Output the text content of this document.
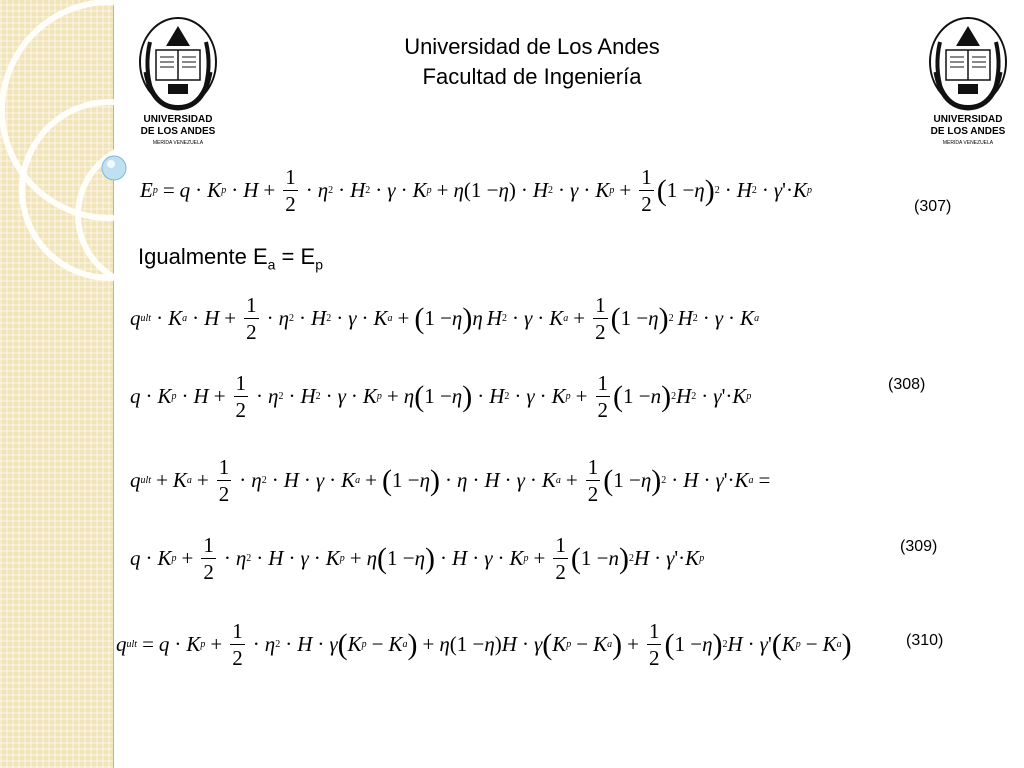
UNIVERSIDAD
DE LOS ANDES
MERIDA VENEZUELA
UNIVERSIDAD
DE LOS ANDES
MERIDA VENEZUELA
Universidad de Los Andes
Facultad de Ingeniería
E p = q · K $p \cdot H + \frac{1}{2} \cdot \eta$ 2 · H 2 · γ · K p + η (1 − η ) · H 2 · γ · K $p + \frac{1}{2}$ ( 1 − η ) 2 · H 2 · γ '· K p
(307)
Igualmente $E_a = E_p$
q ult · K $a \cdot H + \frac{1}{2} \cdot \eta$ 2 · H 2 · γ · K a + ( 1 − η ) η H 2 · γ · K $a + \frac{1}{2}$ ( 1 − η ) 2 H 2 · γ · K a
q · K $p \cdot H + \frac{1}{2} \cdot \eta$ 2 · H 2 · γ · K p + η ( 1 − η ) · H 2 · γ · K $p + \frac{1}{2}$ ( 1 − n ) 2 H 2 · γ '· K p
(308)
q ult + K $a + \frac{1}{2} \cdot \eta$ 2 · H · γ · K a + ( 1 − η ) · η · H · γ · K $a + \frac{1}{2}$ ( 1 − η ) 2 · H · γ '· K a =
q · K $p + \frac{1}{2} \cdot \eta$ 2 · H · γ · K p + η ( 1 − η ) · H · γ · K $p + \frac{1}{2}$ ( 1 − n ) 2 H · γ '· K p
(309)
q ult = q · K $p + \frac{1}{2} \cdot \eta$ 2 · H · γ ( K p − K a ) + η (1 − η ) H · γ ( K p − K a ) + $\frac{1}{2}$ ( 1 − η ) 2 H · γ ' ( K p − K a )	(310)
